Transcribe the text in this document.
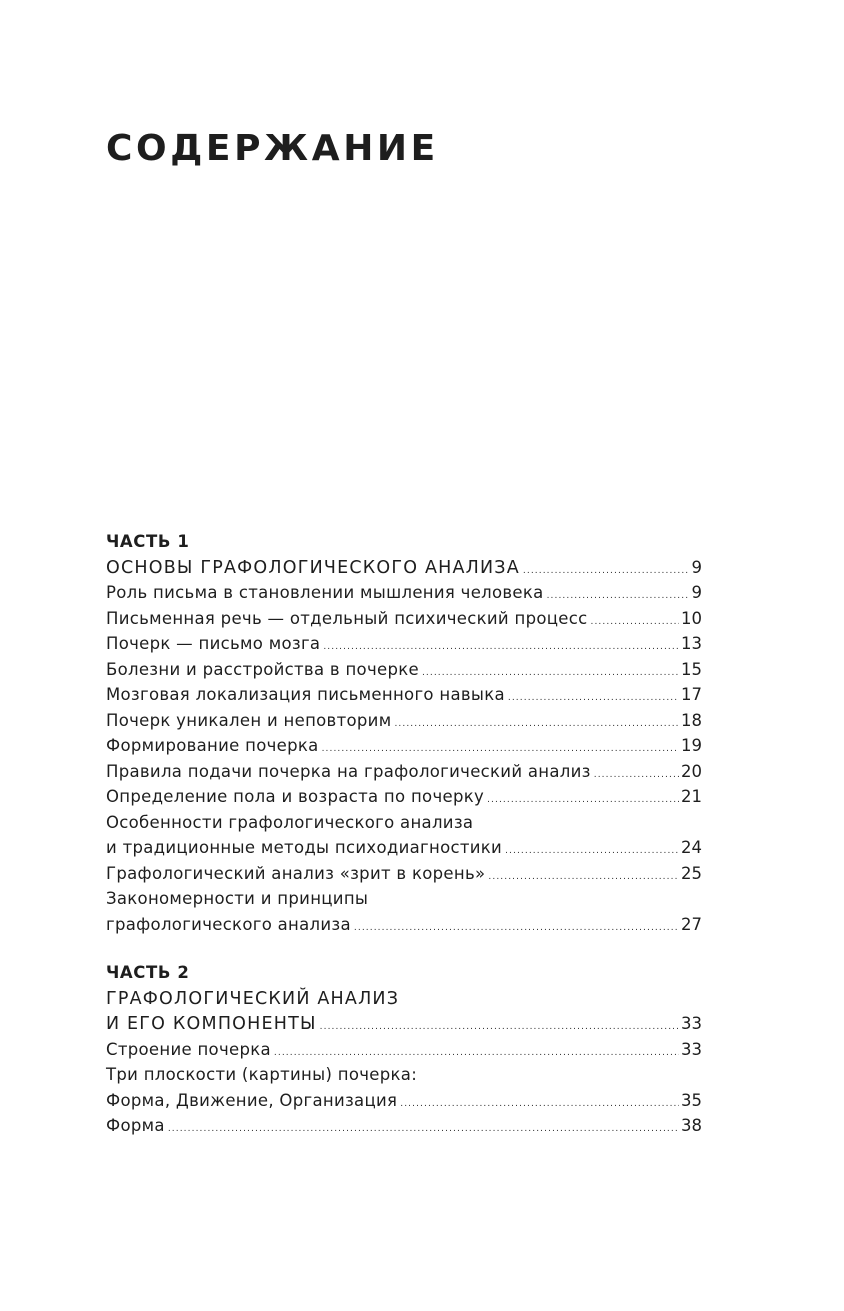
СОДЕРЖАНИЕ
ЧАСТЬ 1
ОСНОВЫ ГРАФОЛОГИЧЕСКОГО АНАЛИЗА .....	9
Роль письма в становлении мышления человека .....	9
Письменная речь — отдельный психический процесс .....	10
Почерк — письмо мозга .....	13
Болезни и расстройства в почерке .....	15
Мозговая локализация письменного навыка .....	17
Почерк уникален и неповторим .....	18
Формирование почерка .....	19
Правила подачи почерка на графологический анализ .....	20
Определение пола и возраста по почерку .....	21
Особенности графологического анализа
и традиционные методы психодиагностики .....	24
Графологический анализ «зрит в корень» .....	25
Закономерности и принципы
графологического анализа .....	27
ЧАСТЬ 2
ГРАФОЛОГИЧЕСКИЙ АНАЛИЗ
И ЕГО КОМПОНЕНТЫ .....	33
Строение почерка .....	33
Три плоскости (картины) почерка:
Форма, Движение, Организация .....	35
Форма .....	38
